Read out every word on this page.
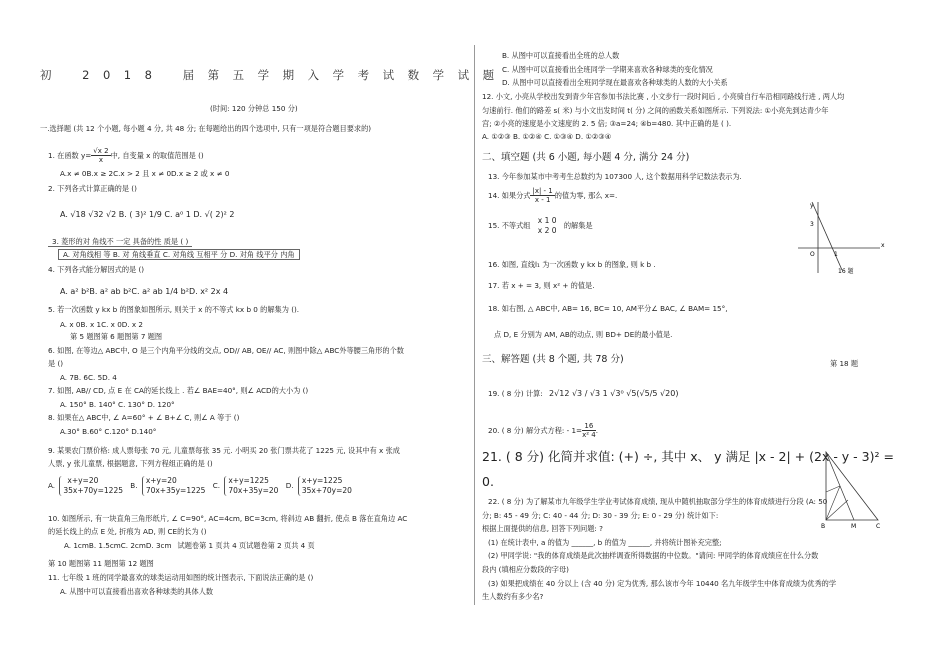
初 2018 届第五学期入学考试数学试题
(时间: 120 分钟总 150 分)
一.选择题 (共 12 个小题, 每小题 4 分, 共 48 分; 在每题给出的四个选项中, 只有一项是符合题目要求的)
1. 在函数 $y= \frac{√x 2}{x}$ 中, 自变量 x 的取值范围是 ()
A.x ≠ 0B.x ≥ 2C.x > 2 且 x ≠ 0D.x ≥ 2 或 x ≠ 0
2. 下列各式计算正确的是 ()
A. √18 √32 √2 B. ( 3)² 1/9 C. a⁰ 1 D. √( 2)² 2
3. 菱形的对 角线不 一定 具备的性 质是 ( )
A. 对角线相 等 B. 对 角线垂直 C. 对角线 互相平 分 D. 对角 线平分 内角
4. 下列各式能分解因式的是 ()
A. a² b²B. a² ab b²C. a² ab 1/4 b²D. x² 2x 4
5. 若一次函数 y kx b 的图象如图所示, 则关于 x 的不等式 kx b 0 的解集为 ().
A. x 0B. x 1C. x 0D. x 2
第 5 题图第 6 题图第 7 题图
6. 如图, 在等边△ ABC中, O 是三个内角平分线的交点, OD// AB, OE// AC, 则图中除△ ABC外等腰三角形的个数
是 ()
A. 7B. 6C. 5D. 4
7. 如图, AB// CD, 点 E 在 CA的延长线上 . 若∠ BAE=40°, 则∠ ACD的大小为 ()
A. 150° B. 140° C. 130° D. 120°
8. 如果在△ ABC中, ∠ A=60° + ∠ B+∠ C, 则∠ A 等于 ()
A.30° B.60° C.120° D.140°
9. 某果农门票价格: 成人票每张 70 元, 儿童票每张 35 元. 小明买 20 张门票共花了 1225 元, 设其中有 x 张成
人票, y 张儿童票, 根据题意, 下列方程组正确的是 ()
A.
x+y=20
35x+70y=1225
B.
x+y=20
70x+35y=1225
C.
x+y=1225
70x+35y=20
D.
x+y=1225
35x+70y=20
10. 如图所示, 有一块直角三角形纸片, ∠ C=90°, AC=4cm, BC=3cm, 将斜边 AB 翻折, 使点 B 落在直角边 AC
的延长线上的点 E 处, 折痕为 AD, 则 CE的长为 ()
A. 1cmB. 1.5cmC. 2cmD. 3cm 试题卷第 1 页共 4 页试题卷第 2 页共 4 页
第 10 题图第 11 题图第 12 题图
11. 七年级 1 班的同学最喜欢的球类运动用如图的统计图表示, 下面说法正确的是 ()
A. 从图中可以直接看出喜欢各种球类的具体人数
B. 从图中可以直接看出全班的总人数
C. 从图中可以直接看出全班同学一学期来喜欢各种球类的变化情况
D. 从图中可以直接看出全班同学现在最喜欢各种球类的人数的大小关系
12. 小文, 小亮从学校出发到青少年宫参加书法比赛 , 小文步行一段时间后 , 小亮骑自行车沿相同路线行进 , 两人均
匀速前行. 他们的路差 s( 米) 与小文出发时间 t( 分) 之间的函数关系如图所示. 下列说法: ①小亮先到达青少年
宫; ②小亮的速度是小文速度的 2. 5 倍; ③a=24; ④b=480. 其中正确的是 ( ).
A. ①②③ B. ①②④ C. ①③④ D. ①②③④
二、填空题 (共 6 小题, 每小题 4 分, 满分 24 分)
13. 今年参加某市中考考生总数约为 107300 人, 这个数据用科学记数法表示为.
14. 如果分式 $\frac{|x| - 1}{x - 1}$ 的值为零, 那么 x=.
15. 不等式组
x 1 0
x 2 0
的解集是
16. 如图, 直线l₁ 为一次函数 y kx b 的图象, 则 k b .
y
x
3
1
O
16 题
17. 若 x + = 3, 则 x² + 的值是.
18. 如右图, △ ABC中, AB= 16, BC= 10, AM平分∠ BAC, ∠ BAM= 15°,
点 D, E 分别为 AM, AB的动点, 则 BD+ DE的最小值是.
三、解答题 (共 8 个题, 共 78 分)	第 18 题
19. ( 8 分) 计算: 2√12 √3 / √3 1 √3⁰ √5(√5/5 √20)
20. ( 8 分) 解分式方程: - $1= \frac{16}{\text{x² 4}}$ .
21. ( 8 分) 化简并求值: (+) ÷, 其中 x、 y 满足 |x - 2| + (2x - y - 3)² =
0.
B	M	C
22. ( 8 分) 为了解某市九年级学生学业考试体育成绩, 现从中随机抽取部分学生的体育成绩进行分段 (A: 50
分; B: 45 - 49 分; C: 40 - 44 分; D: 30 - 39 分; E: 0 - 29 分) 统计如下:
根据上面提供的信息, 回答下列问题: ?
(1) 在统计表中, a 的值为 ______, b 的值为 ______, 并将统计图补充完整;
(2) 甲同学说: "我的体育成绩是此次抽样调查所得数据的中位数。"请问: 甲同学的体育成绩应在什么分数
段内 (填相应分数段的字母)
(3) 如果把成绩在 40 分以上 (含 40 分) 定为优秀, 那么该市今年 10440 名九年级学生中体育成绩为优秀的学
生人数约有多少名?
